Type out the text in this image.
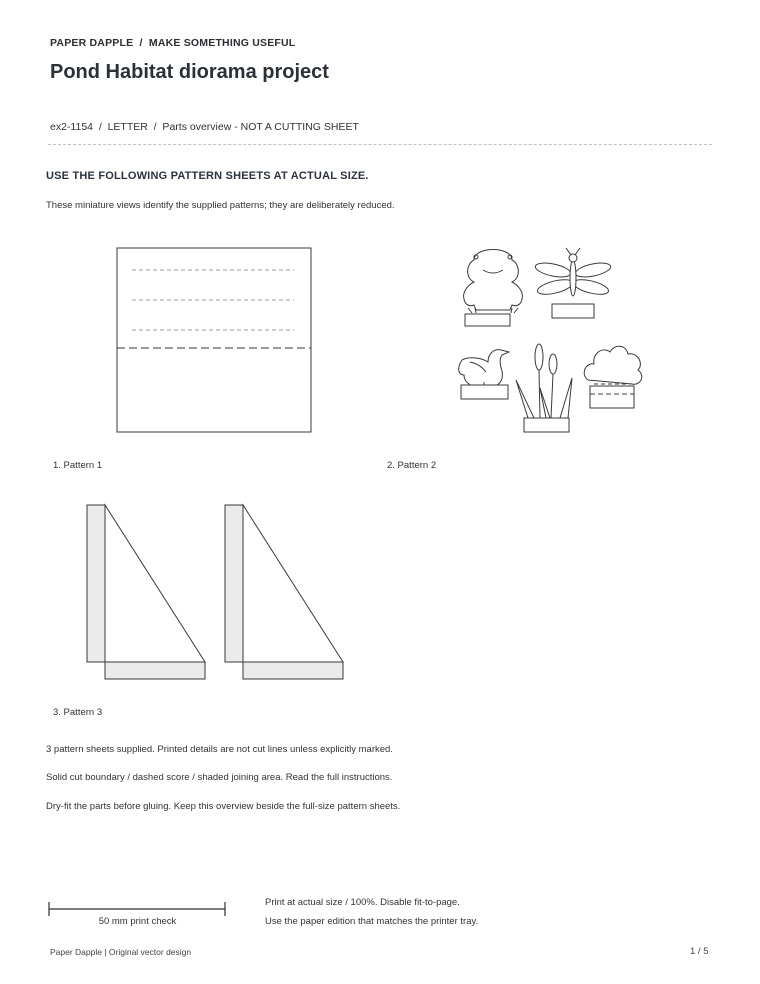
PAPER DAPPLE  /  MAKE SOMETHING USEFUL
Pond Habitat diorama project
ex2-1154  /  LETTER  /  Parts overview - NOT A CUTTING SHEET
USE THE FOLLOWING PATTERN SHEETS AT ACTUAL SIZE.
These miniature views identify the supplied patterns; they are deliberately reduced.
1. Pattern 1	2. Pattern 2
3. Pattern 3
3 pattern sheets supplied. Printed details are not cut lines unless explicitly marked.
Solid cut boundary / dashed score / shaded joining area. Read the full instructions.
Dry-fit the parts before gluing. Keep this overview beside the full-size pattern sheets.
50 mm print check
Print at actual size / 100%. Disable fit-to-page.
Use the paper edition that matches the printer tray.
Paper Dapple | Original vector design	1 / 5
